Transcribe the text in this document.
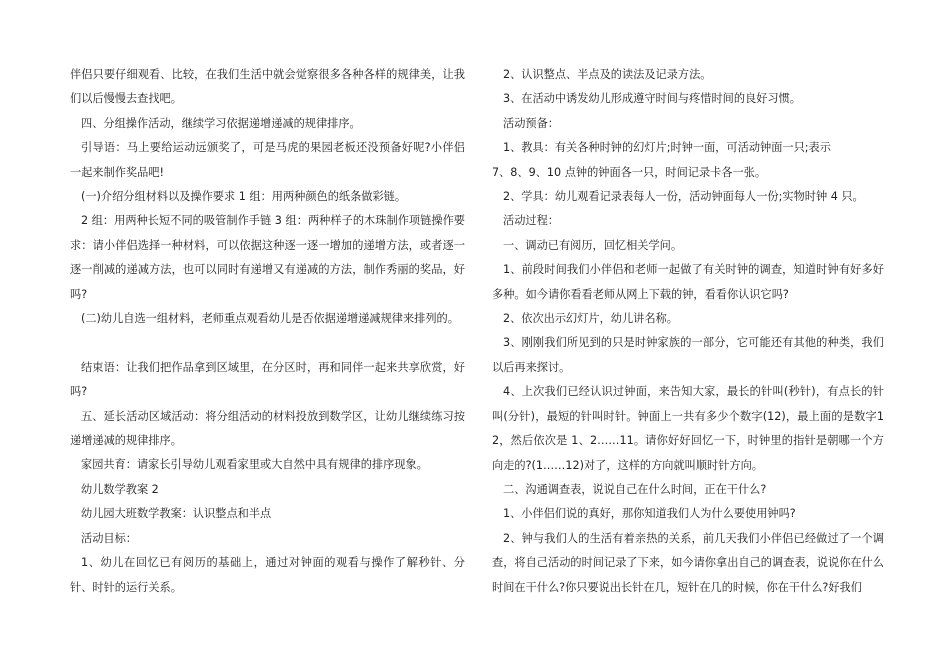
伴侣只要仔细观看、比较，在我们生活中就会觉察很多各种各样的规律美，让我们以后慢慢去查找吧。

四、分组操作活动，继续学习依据递增递减的规律排序。

引导语：马上要给运动远颁奖了，可是马虎的果园老板还没预备好呢?小伴侣一起来制作奖品吧!

(一)介绍分组材料以及操作要求 1 组：用两种颜色的纸条做彩链。

2 组：用两种长短不同的吸管制作手链 3 组：两种样子的木珠制作项链操作要求：请小伴侣选择一种材料，可以依据这种逐一逐一增加的递增方法，或者逐一逐一削减的递减方法，也可以同时有递增又有递减的方法，制作秀丽的奖品，好吗?

(二)幼儿自选一组材料，老师重点观看幼儿是否依据递增递减规律来排列的。

结束语：让我们把作品拿到区域里，在分区时，再和同伴一起来共享欣赏，好吗?

五、延长活动区域活动：将分组活动的材料投放到数学区，让幼儿继续练习按递增递减的规律排序。

家园共育：请家长引导幼儿观看家里或大自然中具有规律的排序现象。

幼儿数学教案 2

幼儿园大班数学教案：认识整点和半点

活动目标：

1、幼儿在回忆已有阅历的基础上，通过对钟面的观看与操作了解秒针、分针、时针的运行关系。

2、认识整点、半点及的读法及记录方法。

3、在活动中诱发幼儿形成遵守时间与疼惜时间的良好习惯。

活动预备：

1、教具：有关各种时钟的幻灯片;时钟一面，可活动钟面一只;表示

7、8、9、10 点钟的钟面各一只，时间记录卡各一张。

2、学具：幼儿观看记录表每人一份，活动钟面每人一份;实物时钟 4 只。

活动过程：

一、调动已有阅历，回忆相关学问。

1、前段时间我们小伴侣和老师一起做了有关时钟的调查，知道时钟有好多好多种。如今请你看看老师从网上下载的钟，看看你认识它吗?

2、依次出示幻灯片，幼儿讲名称。

3、刚刚我们所见到的只是时钟家族的一部分，它可能还有其他的种类，我们以后再来探讨。

4、上次我们已经认识过钟面，来告知大家，最长的针叫(秒针)，有点长的针叫(分针)，最短的针叫时针。钟面上一共有多少个数字(12)，最上面的是数字12，然后依次是 1、2……11。请你好好回忆一下，时钟里的指针是朝哪一个方向走的?(1……12)对了，这样的方向就叫顺时针方向。

二、沟通调查表，说说自己在什么时间，正在干什么?

1、小伴侣们说的真好，那你知道我们人为什么要使用钟吗?

2、钟与我们人的生活有着亲热的关系，前几天我们小伴侣已经做过了一个调查，将自己活动的时间记录了下来，如今请你拿出自己的调查表，说说你在什么时间在干什么?你只要说出长针在几，短针在几的时候，你在干什么?好我们
